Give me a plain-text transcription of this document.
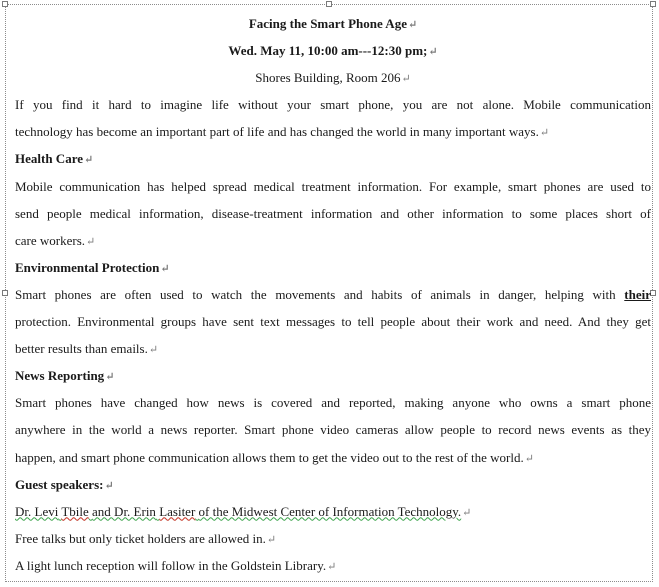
Facing the Smart Phone Age↵
Wed. May 11, 10:00 am---12:30 pm;↵
Shores Building, Room 206↵
If you find it hard to imagine life without your smart phone, you are not alone. Mobile communication
technology has become an important part of life and has changed the world in many important ways.↵
Health Care↵
Mobile communication has helped spread medical treatment information. For example, smart phones are used to
send people medical information, disease-treatment information and other information to some places short of
care workers.↵
Environmental Protection↵
Smart phones are often used to watch the movements and habits of animals in danger, helping with their
protection. Environmental groups have sent text messages to tell people about their work and need. And they get
better results than emails.↵
News Reporting↵
Smart phones have changed how news is covered and reported, making anyone who owns a smart phone
anywhere in the world a news reporter. Smart phone video cameras allow people to record news events as they
happen, and smart phone communication allows them to get the video out to the rest of the world.↵
Guest speakers:↵
Dr. Levi Tbile and Dr. Erin Lasiter of the Midwest Center of Information Technology.↵
Free talks but only ticket holders are allowed in.↵
A light lunch reception will follow in the Goldstein Library.↵
